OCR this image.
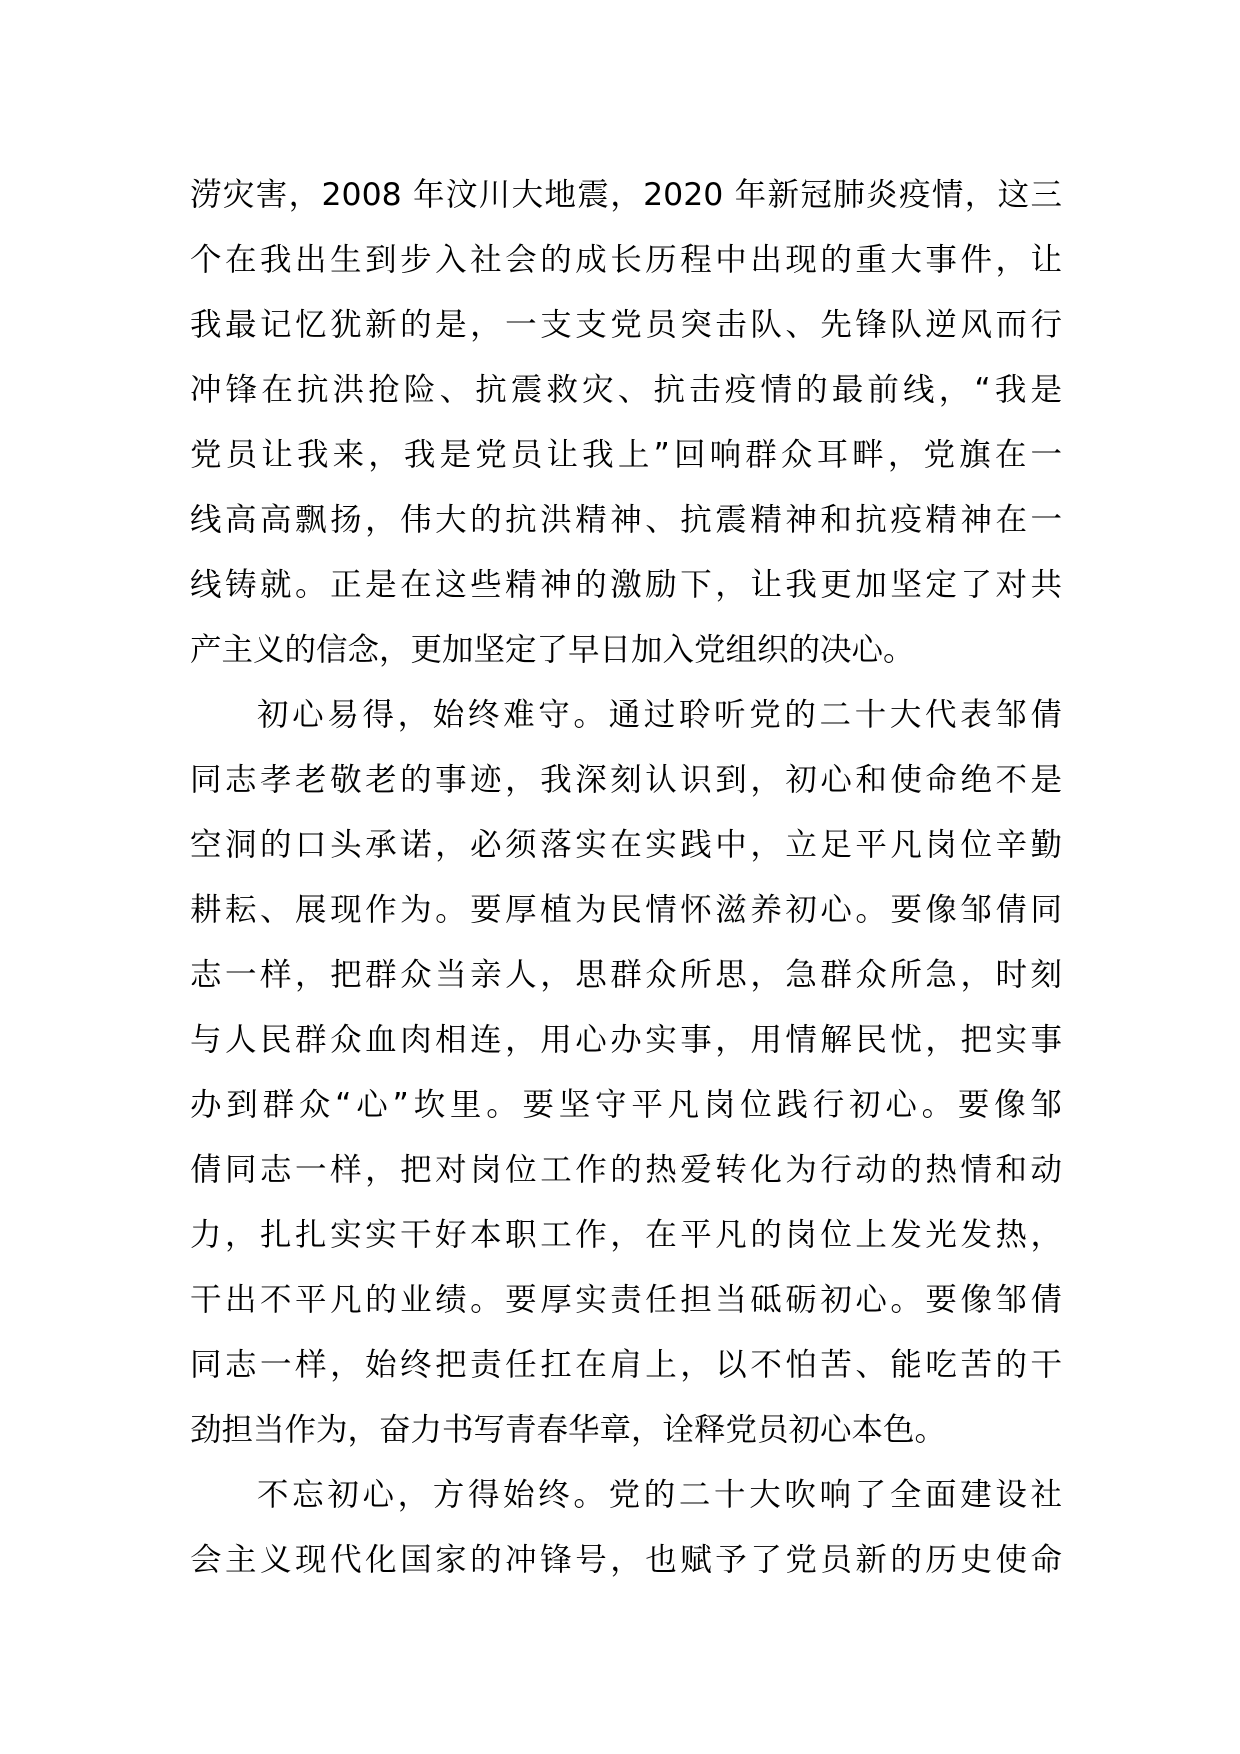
涝灾害，2008 年汶川大地震，2020 年新冠肺炎疫情，这三
个在我出生到步入社会的成长历程中出现的重大事件，让
我最记忆犹新的是，一支支党员突击队、先锋队逆风而行
冲锋在抗洪抢险、抗震救灾、抗击疫情的最前线，“我是
党员让我来，我是党员让我上”回响群众耳畔，党旗在一
线高高飘扬，伟大的抗洪精神、抗震精神和抗疫精神在一
线铸就。正是在这些精神的激励下，让我更加坚定了对共
产主义的信念，更加坚定了早日加入党组织的决心。
初心易得，始终难守。通过聆听党的二十大代表邹倩
同志孝老敬老的事迹，我深刻认识到，初心和使命绝不是
空洞的口头承诺，必须落实在实践中，立足平凡岗位辛勤
耕耘、展现作为。要厚植为民情怀滋养初心。要像邹倩同
志一样，把群众当亲人，思群众所思，急群众所急，时刻
与人民群众血肉相连，用心办实事，用情解民忧，把实事
办到群众“心”坎里。要坚守平凡岗位践行初心。要像邹
倩同志一样，把对岗位工作的热爱转化为行动的热情和动
力，扎扎实实干好本职工作，在平凡的岗位上发光发热，
干出不平凡的业绩。要厚实责任担当砥砺初心。要像邹倩
同志一样，始终把责任扛在肩上，以不怕苦、能吃苦的干
劲担当作为，奋力书写青春华章，诠释党员初心本色。
不忘初心，方得始终。党的二十大吹响了全面建设社
会主义现代化国家的冲锋号，也赋予了党员新的历史使命
